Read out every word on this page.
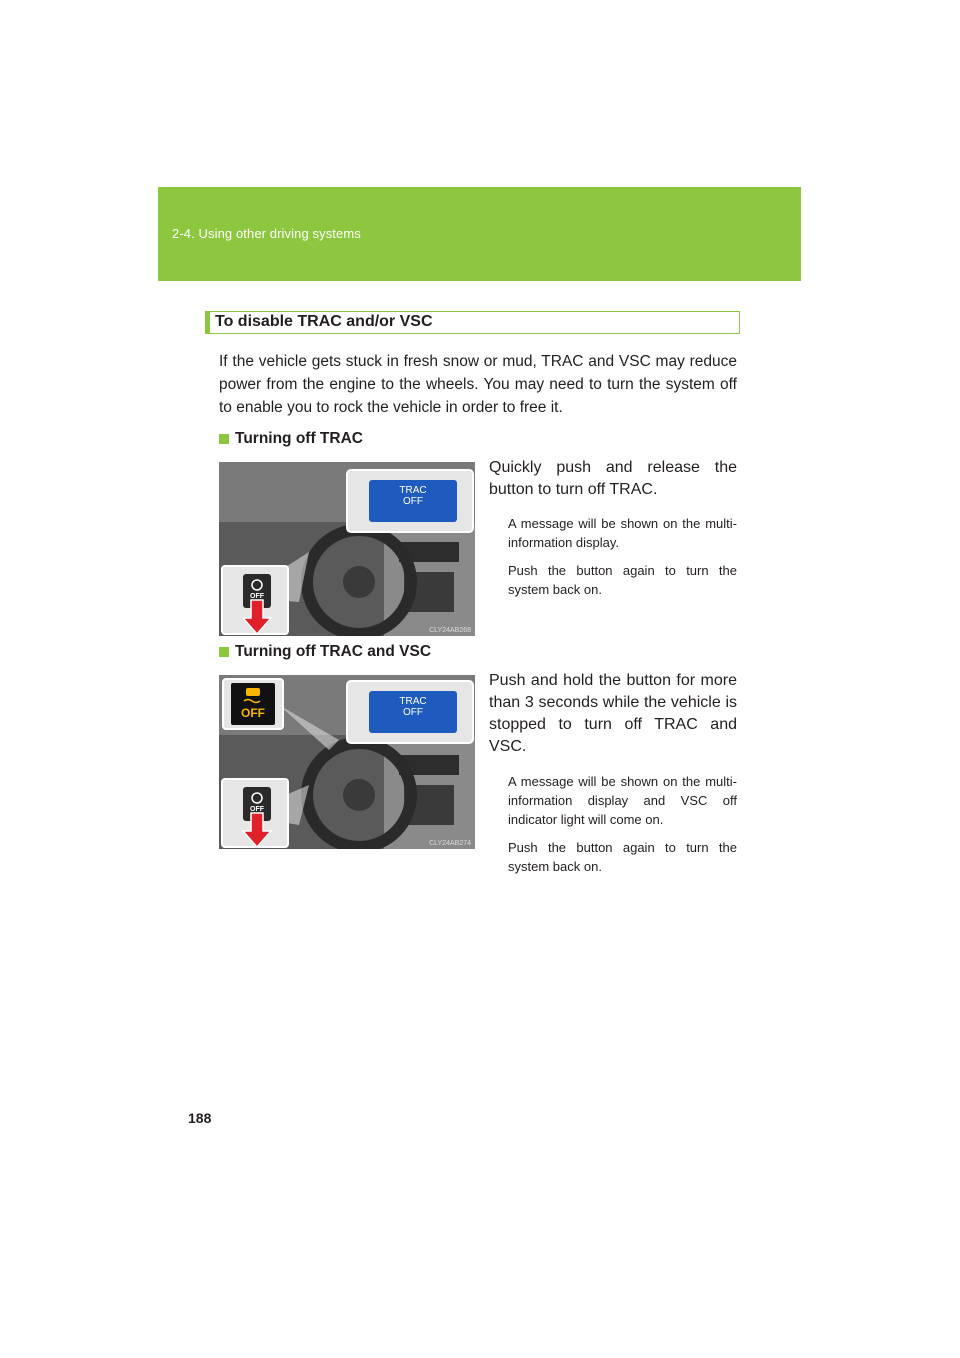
2-4. Using other driving systems
To disable TRAC and/or VSC

If the vehicle gets stuck in fresh snow or mud, TRAC and VSC may reduce power from the engine to the wheels. You may need to turn the system off to enable you to rock the vehicle in order to free it.

Turning off TRAC
TRAC
OFF
OFF
CLY24AB268

Quickly push and release the button to turn off TRAC.

A message will be shown on the multi-information display.

Push the button again to turn the system back on.

Turning off TRAC and VSC
TRAC
OFF
OFF
OFF
CLY24AB274

Push and hold the button for more than 3 seconds while the vehicle is stopped to turn off TRAC and VSC.

A message will be shown on the multi-information display and VSC off indicator light will come on.

Push the button again to turn the system back on.

188
